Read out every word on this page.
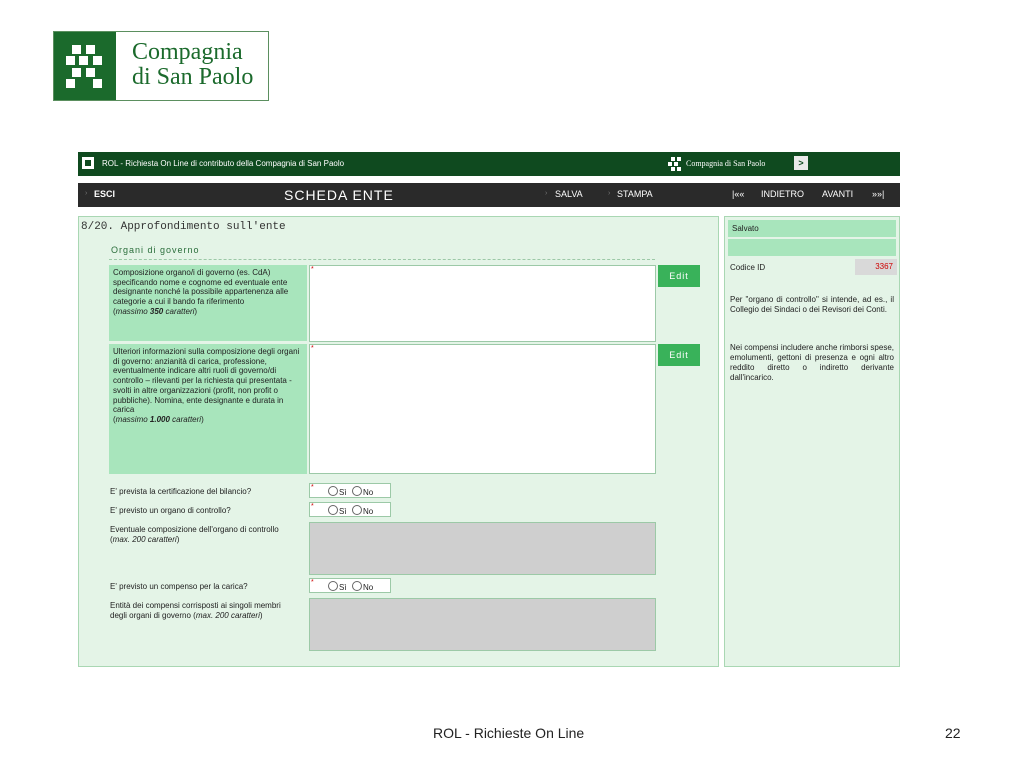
Compagnia
di San Paolo
ROL - Richiesta On Line di contributo della Compagnia di San Paolo	Compagnia di San Paolo	>
› ESCI	SCHEDA ENTE	› SALVA	› STAMPA	|«« INDIETRO AVANTI »»|
8/20. Approfondimento sull'ente
Organi di governo
Composizione organo/i di governo (es. CdA) specificando nome e cognome ed eventuale ente designante nonché la possibile appartenenza alle categorie a cui il bando fa riferimento
(massimo 350 caratteri)
*
Edit
Ulteriori informazioni sulla composizione degli organi di governo: anzianità di carica, professione, eventualmente indicare altri ruoli di governo/di controllo – rilevanti per la richiesta qui presentata - svolti in altre organizzazioni (profit, non profit o pubbliche). Nomina, ente designante e durata in carica
(massimo 1.000 caratteri)
*
Edit
E' prevista la certificazione del bilancio?	*
Sì	No
E' previsto un organo di controllo?	*
Sì	No
Eventuale composizione dell'organo di controllo
(max. 200 caratteri)
E' previsto un compenso per la carica?	*
Sì	No
Entità dei compensi corrisposti ai singoli membri
degli organi di governo (max. 200 caratteri)
Salvato
Codice ID	3367
Per "organo di controllo" si intende, ad es., il Collegio dei Sindaci o dei Revisori dei Conti.
Nei compensi includere anche rimborsi spese, emolumenti, gettoni di presenza e ogni altro reddito diretto o indiretto derivante dall'incarico.
ROL - Richieste On Line	22
